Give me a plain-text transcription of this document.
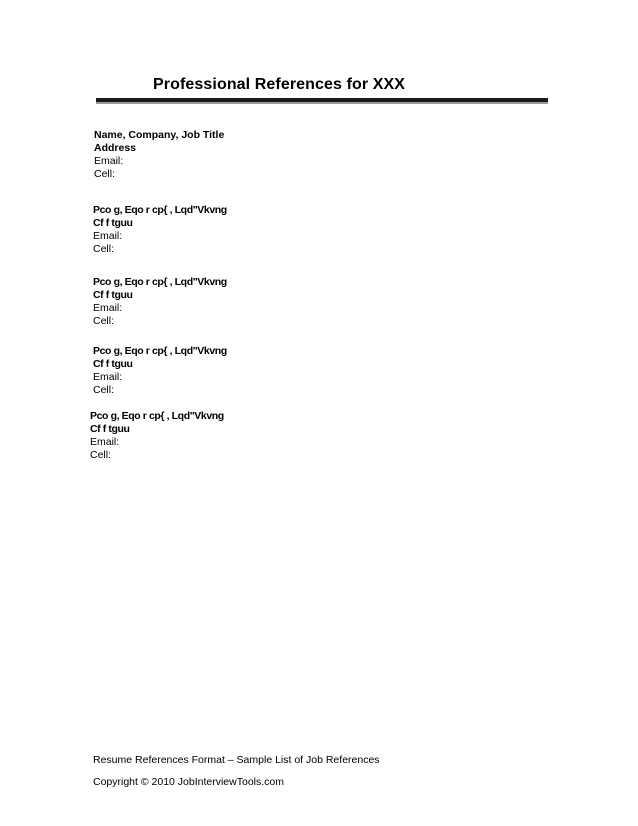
Professional References for XXX
Name, Company, Job Title
Address
Email:
Cell:
Pco g, Eqo r cp{ , Lqd"Vkvng
Cf f tguu
Email:
Cell:
Pco g, Eqo r cp{ , Lqd"Vkvng
Cf f tguu
Email:
Cell:
Pco g, Eqo r cp{ , Lqd"Vkvng
Cf f tguu
Email:
Cell:
Pco g, Eqo r cp{ , Lqd"Vkvng
Cf f tguu
Email:
Cell:
Resume References Format – Sample List of Job References
Copyright © 2010 JobInterviewTools.com
